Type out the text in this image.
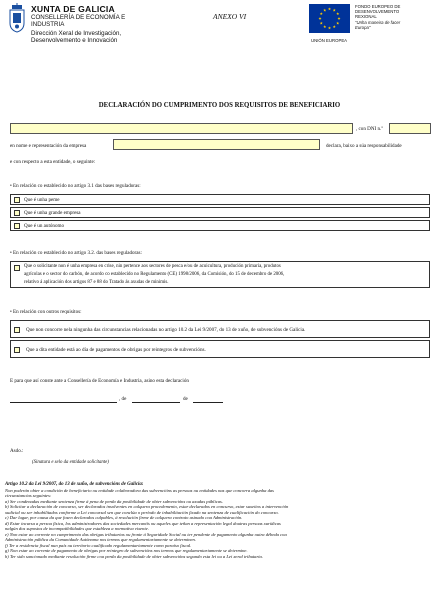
XUNTA DE GALICIA
CONSELLERÍA DE ECONOMÍA E
INDUSTRIA
Dirección Xeral de Investigación,
Desenvolvemento e Innovación
ANEXO VI
FONDO EUROPEO DE
DESENVOLVEMENTO
REXIONAL
"Unha maneira de facer
Europa"
UNIÓN EUROPEA
DECLARACIÓN DO CUMPRIMENTO DOS REQUISITOS DE BENEFICIARIO
, con DNI n.º
en nome e representación da empresa	declara, baixo a súa responsabilidade
e con respecto a esta entidade, o seguinte:
• En relación co establecido no artigo 3.1 das bases reguladoras:
Que é unha peme
Que é unha grande empresa
Que é un autónomo
• En relación co establecido no artigo 3.2. das bases reguladoras:
Que o solicitante non é unha empresa en crise, nin pertence aos sectores de pesca e/ou de acuicultura, produción primaria, produtos
agrícolas e o sector do carbón, de acordo co establecido no Regulamento (CE) 1998/2006, da Comisión, do 15 de decembro de 2006,
relativo á aplicación dos artigos 87 e 88 do Tratado ás axudas de minimis.
• En relación con outros requisitos:
Que non concorre nela ningunha das circunstancias relacionadas no artigo 10.2 da Lei 9/2007, do 13 de xuño, de subvencións de Galicia.
Que a dita entidade está ao día de pagamentos de obrigas por reintegros de subvencións.
E para que así conste ante a Consellería de Economía e Industria, asino esta declaración
, de	de
Asdo.:
(Sinatura e selo da entidade solicitante)

Artigo 10.2 da Lei 9/2007, do 13 de xuño, de subvencións de Galicia:

Non poderán obter a condición de beneficiario ou entidade colaboradora das subvencións as persoas ou entidades nas que concorra algunha das

circunstancias seguintes:

a) Ser condenadas mediante sentenza firme á pena de perda da posibilidade de obter subvencións ou axudas públicas.

b) Solicitar a declaración de concurso, ser declarados insolventes en calquera procedemento, estar declarados en concurso, estar suxeitos a intervención

xudicial ou ser inhabilitados conforme a Lei concursal sen que conclúa o período de inhabilitación fixado na sentenza de cualificación do concurso.

c) Dar lugar, por causa da que fosen declarados culpables, á resolución firme de calquera contrato asinado coa Administración.

d) Estar incursa a persoa física, los administradores das sociedades mercantís ou aqueles que teñan a representación legal doutras persoas xurídicas

nalgún dos supostos de incompatibilidades que estableza a normativa vixente.

e) Non estar ao corrente no cumprimento das obrigas tributarias ou fronte á Seguridade Social ou ter pendente de pagamento algunha outra débeda coa

Administración pública da Comunidade Autónoma nos termos que regulamentariamente se determinen.

f) Ter a residencia fiscal nun país ou territorio cualificado regulamentariamente como paraíso fiscal.

g) Non estar ao corrente de pagamento de obrigas por reintegro de subvencións nos termos que regulamentariamente se determine.

h) Ter sido sancionado mediante resolución firme coa perda da posibilidade de obter subvencións segundo esta lei ou a Lei xeral tributaria.
